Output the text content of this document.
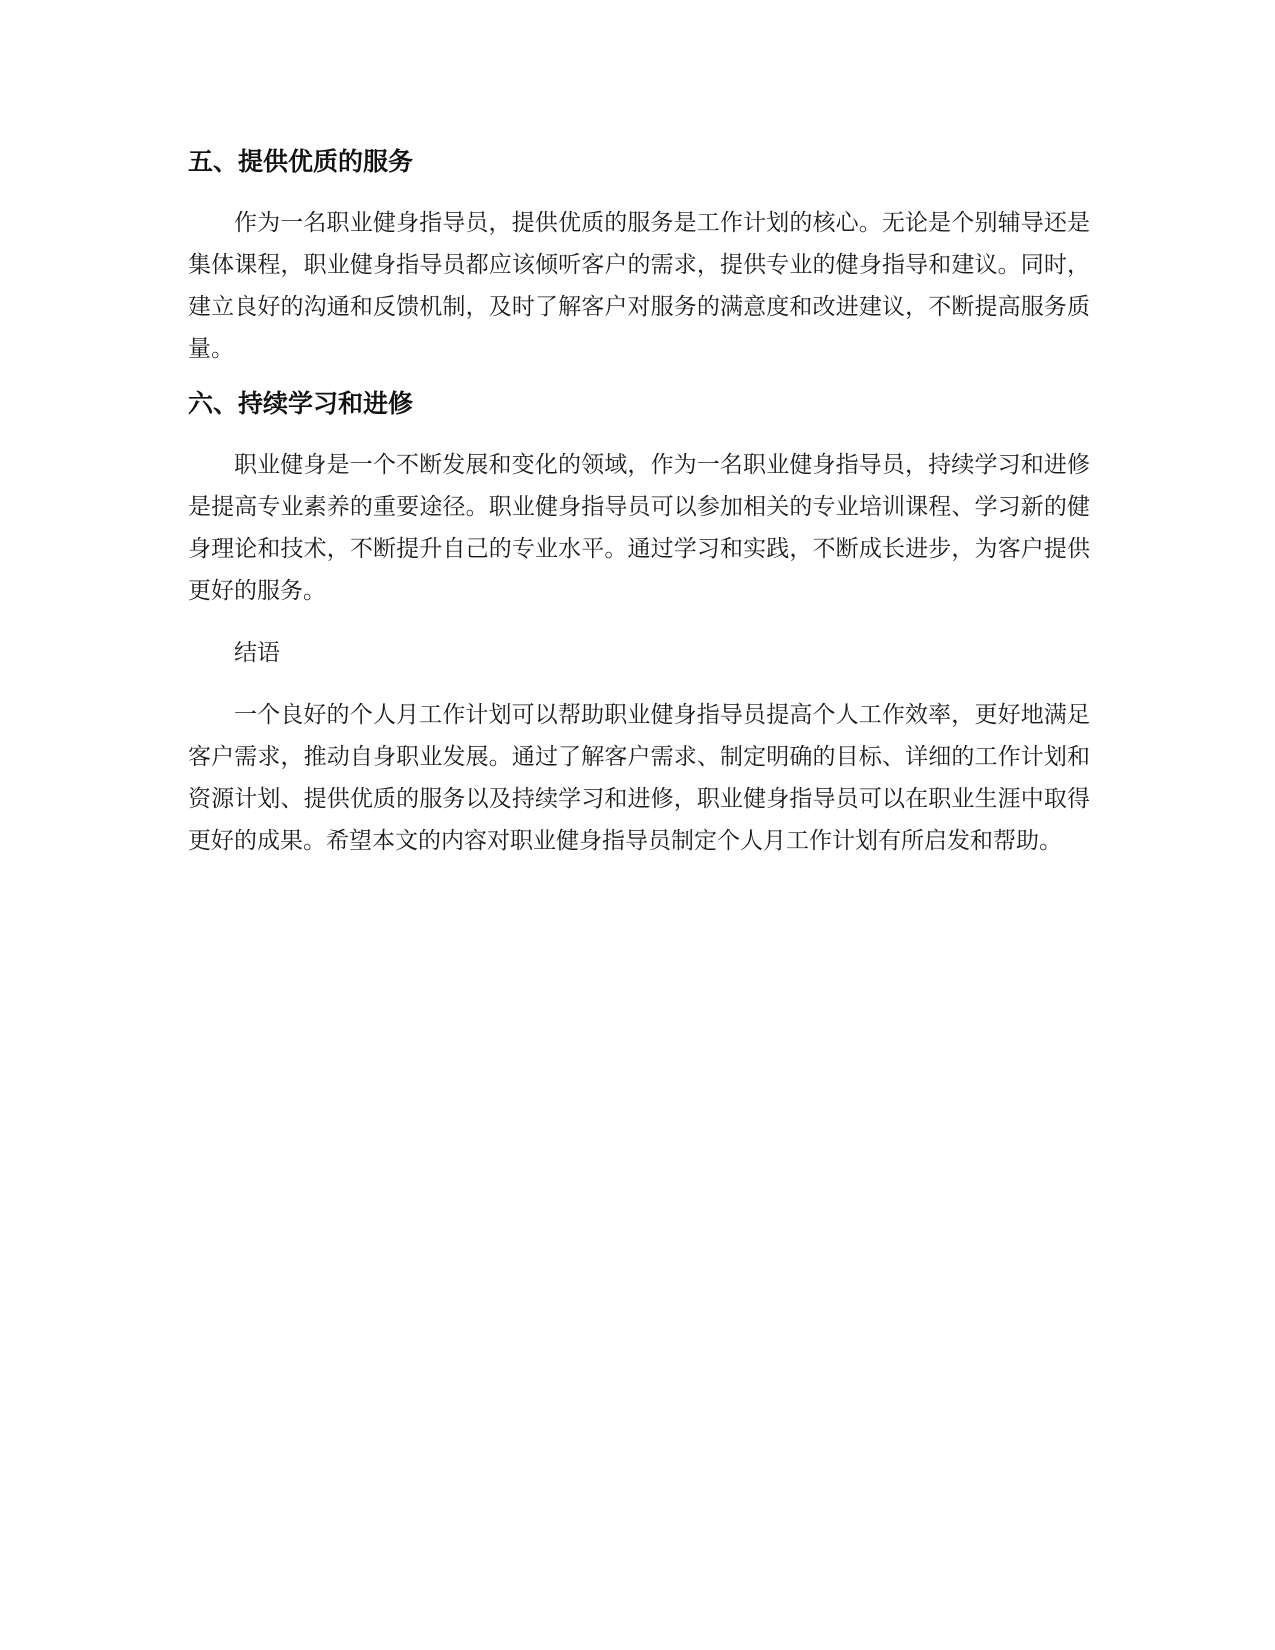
五、提供优质的服务

作为一名职业健身指导员，提供优质的服务是工作计划的核心。无论是个别辅导还是集体课程，职业健身指导员都应该倾听客户的需求，提供专业的健身指导和建议。同时，建立良好的沟通和反馈机制，及时了解客户对服务的满意度和改进建议，不断提高服务质量。

六、持续学习和进修

职业健身是一个不断发展和变化的领域，作为一名职业健身指导员，持续学习和进修是提高专业素养的重要途径。职业健身指导员可以参加相关的专业培训课程、学习新的健身理论和技术，不断提升自己的专业水平。通过学习和实践，不断成长进步，为客户提供更好的服务。

结语

一个良好的个人月工作计划可以帮助职业健身指导员提高个人工作效率，更好地满足客户需求，推动自身职业发展。通过了解客户需求、制定明确的目标、详细的工作计划和资源计划、提供优质的服务以及持续学习和进修，职业健身指导员可以在职业生涯中取得更好的成果。希望本文的内容对职业健身指导员制定个人月工作计划有所启发和帮助。
